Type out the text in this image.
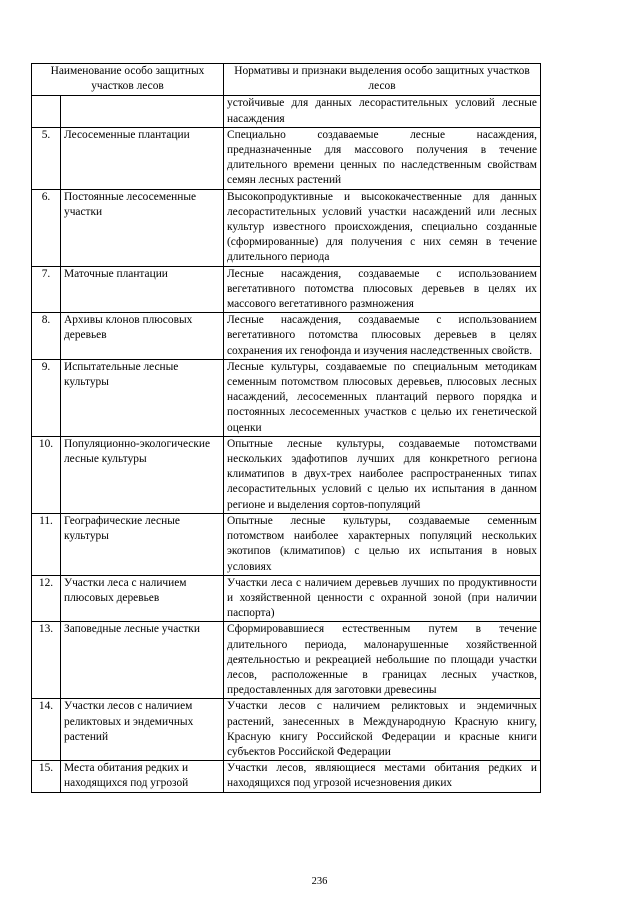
Наименование особо защитных участков лесов		Нормативы и признаки выделения особо защитных участков лесов
		устойчивые для данных лесорастительных условий лесные насаждения
5.	Лесосеменные плантации	Специально создаваемые лесные насаждения, предназначенные для массового получения в течение длительного времени ценных по наследственным свойствам семян лесных растений
6.	Постоянные лесосеменные участки	Высокопродуктивные и высококачественные для данных лесорастительных условий участки насаждений или лесных культур известного происхождения, специально созданные (сформированные) для получения с них семян в течение длительного периода
7.	Маточные плантации	Лесные насаждения, создаваемые с использованием вегетативного потомства плюсовых деревьев в целях их массового вегетативного размножения
8.	Архивы клонов плюсовых деревьев	Лесные насаждения, создаваемые с использованием вегетативного потомства плюсовых деревьев в целях сохранения их генофонда и изучения наследственных свойств.
9.	Испытательные лесные культуры	Лесные культуры, создаваемые по специальным методикам семенным потомством плюсовых деревьев, плюсовых лесных насаждений, лесосеменных плантаций первого порядка и постоянных лесосеменных участков с целью их генетической оценки
10.	Популяционно-экологические лесные культуры	Опытные лесные культуры, создаваемые потомствами нескольких эдафотипов лучших для конкретного региона климатипов в двух-трех наиболее распространенных типах лесорастительных условий с целью их испытания в данном регионе и выделения сортов-популяций
11.	Географические лесные культуры	Опытные лесные культуры, создаваемые семенным потомством наиболее характерных популяций нескольких экотипов (климатипов) с целью их испытания в новых условиях
12.	Участки леса с наличием плюсовых деревьев	Участки леса с наличием деревьев лучших по продуктивности и хозяйственной ценности с охранной зоной (при наличии паспорта)
13.	Заповедные лесные участки	Сформировавшиеся естественным путем в течение длительного периода, малонарушенные хозяйственной деятельностью и рекреацией небольшие по площади участки лесов, расположенные в границах лесных участков, предоставленных для заготовки древесины
14.	Участки лесов с наличием реликтовых и эндемичных растений	Участки лесов с наличием реликтовых и эндемичных растений, занесенных в Международную Красную книгу, Красную книгу Российской Федерации и красные книги субъектов Российской Федерации
15.	Места обитания редких и находящихся под угрозой	Участки лесов, являющиеся местами обитания редких и находящихся под угрозой исчезновения диких
236
